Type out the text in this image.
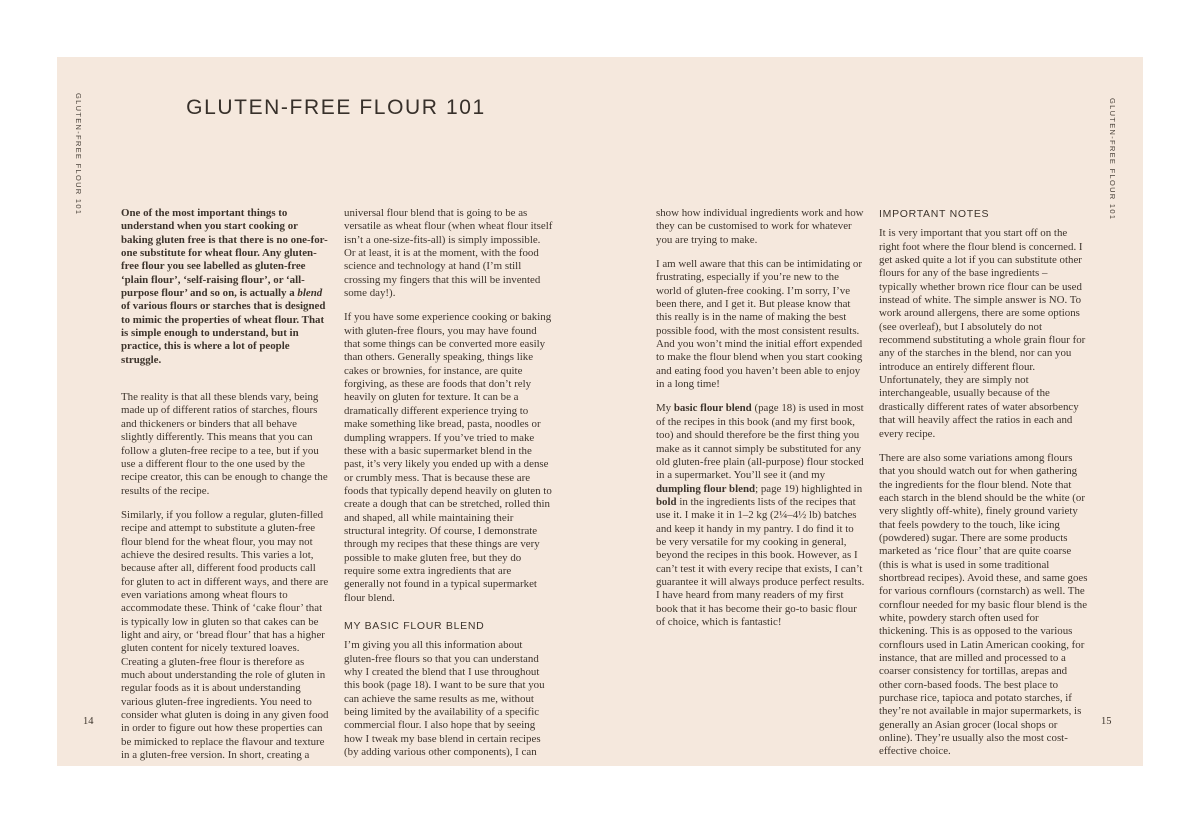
GLUTEN-FREE FLOUR 101	GLUTEN-FREE FLOUR 101

One of the most important things to understand when you start cooking or baking gluten free is that there is no one-for-one substitute for wheat flour. Any gluten-free flour you see labelled as gluten-free ‘plain flour’, ‘self-raising flour’, or ‘all-purpose flour’ and so on, is actually a blend of various flours or starches that is designed to mimic the properties of wheat flour. That is simple enough to understand, but in practice, this is where a lot of people struggle.

The reality is that all these blends vary, being made up of different ratios of starches, flours and thickeners or binders that all behave slightly differently. This means that you can follow a gluten-free recipe to a tee, but if you use a different flour to the one used by the recipe creator, this can be enough to change the results of the recipe.

Similarly, if you follow a regular, gluten-filled recipe and attempt to substitute a gluten-free flour blend for the wheat flour, you may not achieve the desired results. This varies a lot, because after all, different food products call for gluten to act in different ways, and there are even variations among wheat flours to accommodate these. Think of ‘cake flour’ that is typically low in gluten so that cakes can be light and airy, or ‘bread flour’ that has a higher gluten content for nicely textured loaves. Creating a gluten-free flour is therefore as much about understanding the role of gluten in regular foods as it is about understanding various gluten-free ingredients. You need to consider what gluten is doing in any given food in order to figure out how these properties can be mimicked to replace the flavour and texture in a gluten-free version. In short, creating a

universal flour blend that is going to be as versatile as wheat flour (when wheat flour itself isn’t a one-size-fits-all) is simply impossible. Or at least, it is at the moment, with the food science and technology at hand (I’m still crossing my fingers that this will be invented some day!).

If you have some experience cooking or baking with gluten-free flours, you may have found that some things can be converted more easily than others. Generally speaking, things like cakes or brownies, for instance, are quite forgiving, as these are foods that don’t rely heavily on gluten for texture. It can be a dramatically different experience trying to make something like bread, pasta, noodles or dumpling wrappers. If you’ve tried to make these with a basic supermarket blend in the past, it’s very likely you ended up with a dense or crumbly mess. That is because these are foods that typically depend heavily on gluten to create a dough that can be stretched, rolled thin and shaped, all while maintaining their structural integrity. Of course, I demonstrate through my recipes that these things are very possible to make gluten free, but they do require some extra ingredients that are generally not found in a typical supermarket flour blend.

MY BASIC FLOUR BLEND

I’m giving you all this information about gluten-free flours so that you can understand why I created the blend that I use throughout this book (page 18). I want to be sure that you can achieve the same results as me, without being limited by the availability of a specific commercial flour. I also hope that by seeing how I tweak my base blend in certain recipes (by adding various other components), I can

show how individual ingredients work and how they can be customised to work for whatever you are trying to make.

I am well aware that this can be intimidating or frustrating, especially if you’re new to the world of gluten-free cooking. I’m sorry, I’ve been there, and I get it. But please know that this really is in the name of making the best possible food, with the most consistent results. And you won’t mind the initial effort expended to make the flour blend when you start cooking and eating food you haven’t been able to enjoy in a long time!

My basic flour blend (page 18) is used in most of the recipes in this book (and my first book, too) and should therefore be the first thing you make as it cannot simply be substituted for any old gluten-free plain (all-purpose) flour stocked in a supermarket. You’ll see it (and my dumpling flour blend; page 19) highlighted in bold in the ingredients lists of the recipes that use it. I make it in 1–2 kg (2¼–4½ lb) batches and keep it handy in my pantry. I do find it to be very versatile for my cooking in general, beyond the recipes in this book. However, as I can’t test it with every recipe that exists, I can’t guarantee it will always produce perfect results. I have heard from many readers of my first book that it has become their go-to basic flour of choice, which is fantastic!

IMPORTANT NOTES

It is very important that you start off on the right foot where the flour blend is concerned. I get asked quite a lot if you can substitute other flours for any of the base ingredients – typically whether brown rice flour can be used instead of white. The simple answer is NO. To work around allergens, there are some options (see overleaf), but I absolutely do not recommend substituting a whole grain flour for any of the starches in the blend, nor can you introduce an entirely different flour. Unfortunately, they are simply not interchangeable, usually because of the drastically different rates of water absorbency that will heavily affect the ratios in each and every recipe.

There are also some variations among flours that you should watch out for when gathering the ingredients for the flour blend. Note that each starch in the blend should be the white (or very slightly off-white), finely ground variety that feels powdery to the touch, like icing (powdered) sugar. There are some products marketed as ‘rice flour’ that are quite coarse (this is what is used in some traditional shortbread recipes). Avoid these, and same goes for various cornflours (cornstarch) as well. The cornflour needed for my basic flour blend is the white, powdery starch often used for thickening. This is as opposed to the various cornflours used in Latin American cooking, for instance, that are milled and processed to a coarser consistency for tortillas, arepas and other corn-based foods. The best place to purchase rice, tapioca and potato starches, if they’re not available in major supermarkets, is generally an Asian grocer (local shops or online). They’re usually also the most cost-effective choice.

GLUTEN-FREE FLOUR 101
14	15
